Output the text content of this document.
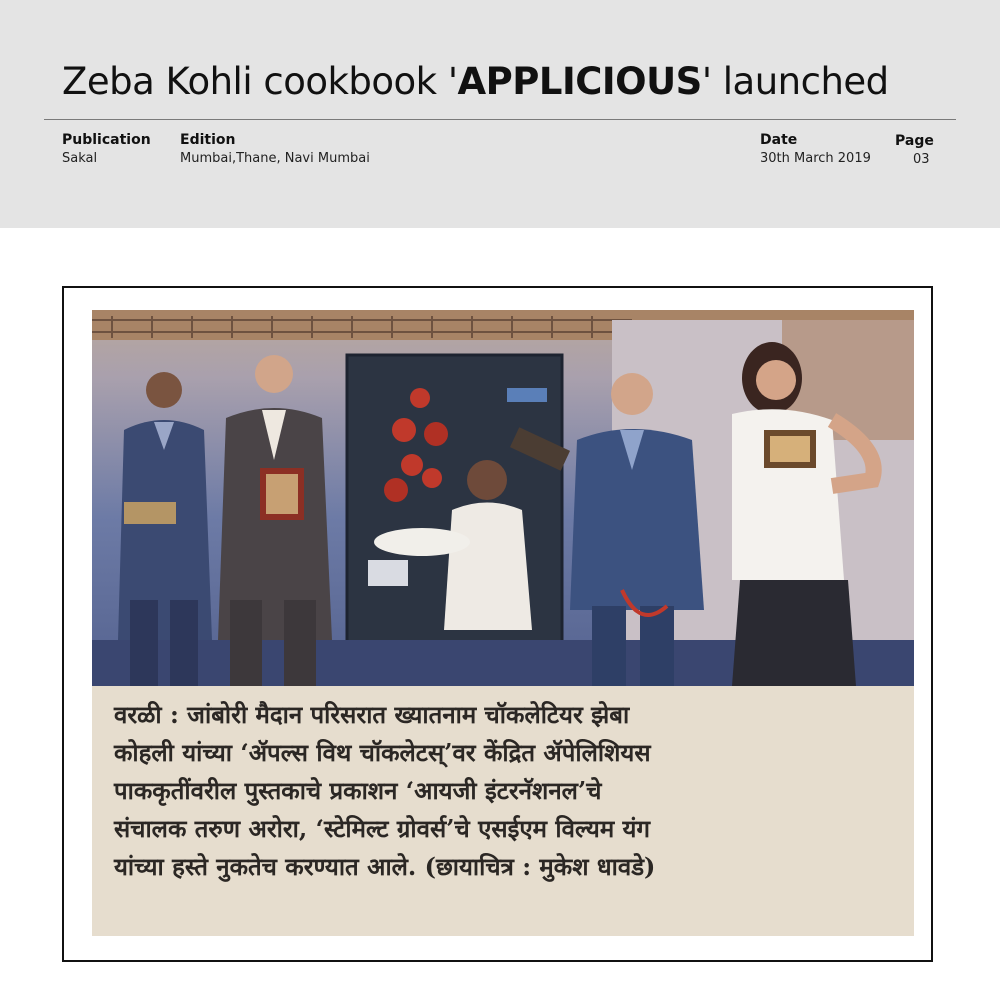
Zeba Kohli cookbook 'APPLICIOUS' launched
Publication
Sakal
Edition
Mumbai,Thane, Navi Mumbai
Date
30th March 2019
Page
03
वरळी : जांबोरी मैदान परिसरात ख्यातनाम चॉकलेटियर झेबा
कोहली यांच्या ‘ॲपल्स विथ चॉकलेटस्’वर केंद्रित ॲपेलिशियस
पाककृतींवरील पुस्तकाचे प्रकाशन ‘आयजी इंटरनॅशनल’चे
संचालक तरुण अरोरा, ‘स्टेमिल्ट ग्रोवर्स’चे एसईएम विल्यम यंग
यांच्या हस्ते नुकतेच करण्यात आले. (छायाचित्र : मुकेश धावडे)
